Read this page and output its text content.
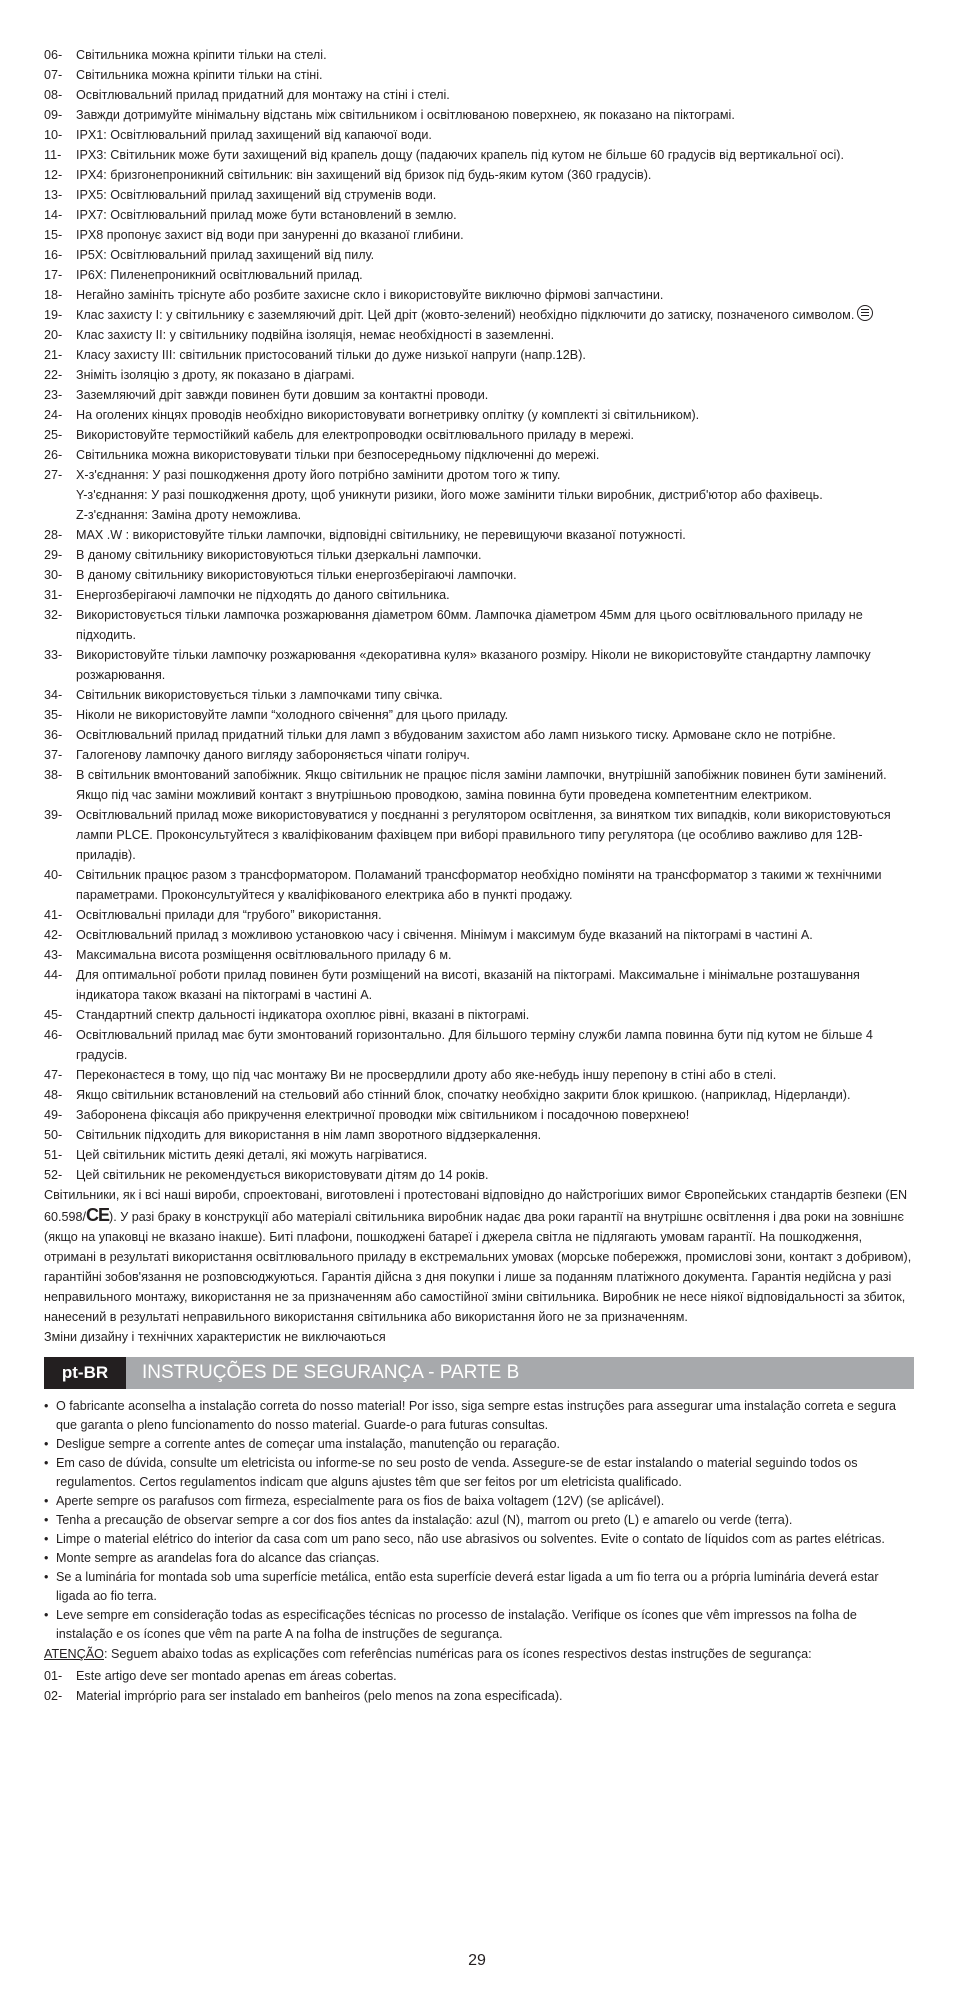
06-	Світильника можна кріпити тільки на стелі.
07-	Світильника можна кріпити тільки на стіні.
08-	Освітлювальний прилад придатний для монтажу на стіні і стелі.
09-	Завжди дотримуйте мінімальну відстань між світильником і освітлюваною поверхнею, як показано на піктограмі.
10-	IPX1: Освітлювальний прилад захищений від капаючої води.
11-	IPX3: Світильник може бути захищений від крапель дощу (падаючих крапель під кутом не більше 60 градусів від вертикальної осі).
12-	IPX4: бризгонепроникний світильник: він захищений від бризок під будь-яким кутом (360 градусів).
13-	IPX5: Освітлювальний прилад захищений від струменів води.
14-	IPX7: Освітлювальний прилад може бути встановлений в землю.
15-	IPX8 пропонує захист від води при зануренні до вказаної глибини.
16-	IP5X: Освітлювальний прилад захищений від пилу.
17-	IP6X: Пиленепроникний освітлювальний прилад.
18-	Негайно замініть тріснуте або розбите захисне скло і використовуйте виключно фірмові запчастини.
19-	Клас захисту I: у світильнику є заземляючий дріт. Цей дріт (жовто-зелений) необхідно підключити до затиску, позначеного символом.
20-	Клас захисту II: у світильнику подвійна ізоляція, немає необхідності в заземленні.
21-	Класу захисту III: світильник пристосований тільки до дуже низької напруги (напр.12В).
22-	Зніміть ізоляцію з дроту, як показано в діаграмі.
23-	Заземляючий дріт завжди повинен бути довшим за контактні проводи.
24-	На оголених кінцях проводів необхідно використовувати вогнетривку оплітку (у комплекті зі світильником).
25-	Використовуйте термостійкий кабель для електропроводки освітлювального приладу в мережі.
26-	Світильника можна використовувати тільки при безпосередньому підключенні до мережі.
27-	X-з'єднання: У разі пошкодження дроту його потрібно замінити дротом того ж типу.
Y-з'єднання: У разі пошкодження дроту, щоб уникнути ризики, його може замінити тільки виробник, дистриб'ютор або фахівець.
Z-з'єднання: Заміна дроту неможлива.
28-	MAX .W : використовуйте тільки лампочки, відповідні світильнику, не перевищуючи вказаної потужності.
29-	В даному світильнику використовуються тільки дзеркальні лампочки.
30-	В даному світильнику використовуються тільки енергозберігаючі лампочки.
31-	Енергозберігаючі лампочки не підходять до даного світильника.
32-	Використовується тільки лампочка розжарювання діаметром 60мм. Лампочка діаметром 45мм для цього освітлювального приладу не підходить.
33-	Використовуйте тільки лампочку розжарювання «декоративна куля» вказаного розміру. Ніколи не використовуйте стандартну лампочку розжарювання.
34-	Світильник використовується тільки з лампочками типу свічка.
35-	Ніколи не використовуйте лампи “холодного свічення” для цього приладу.
36-	Освітлювальний прилад придатний тільки для ламп з вбудованим захистом або ламп низького тиску. Армоване скло не потрібне.
37-	Галогенову лампочку даного вигляду забороняється чіпати голіруч.
38-	В світильник вмонтований запобіжник. Якщо світильник не працює після заміни лампочки, внутрішній запобіжник повинен бути замінений. Якщо під час заміни можливий контакт з внутрішньою проводкою, заміна повинна бути проведена компетентним електриком.
39-	Освітлювальний прилад може використовуватися у поєднанні з регулятором освітлення, за винятком тих випадків, коли використовуються лампи PLCE. Проконсультуйтеся з кваліфікованим фахівцем при виборі правильного типу регулятора (це особливо важливо для 12В-приладів).
40-	Світильник працює разом з трансформатором. Поламаний трансформатор необхідно поміняти на трансформатор з такими ж технічними параметрами. Проконсультуйтеся у кваліфікованого електрика або в пункті продажу.
41-	Освітлювальні прилади для “грубого” використання.
42-	Освітлювальний прилад з можливою установкою часу і свічення. Мінімум і максимум буде вказаний на піктограмі в частині A.
43-	Максимальна висота розміщення освітлювального приладу 6 м.
44-	Для оптимальної роботи прилад повинен бути розміщений на висоті, вказаній на піктограмі. Максимальне і мінімальне розташування індикатора також вказані на піктограмі в частині A.
45-	Стандартний спектр дальності індикатора охоплює рівні, вказані в піктограмі.
46-	Освітлювальний прилад має бути змонтований горизонтально. Для більшого терміну служби лампа повинна бути під кутом не більше 4 градусів.
47-	Переконаєтеся в тому, що під час монтажу Ви не просвердлили дроту або яке-небудь іншу перепону в стіні або в стелі.
48-	Якщо світильник встановлений на стельовий або стінний блок, спочатку необхідно закрити блок кришкою. (наприклад, Нідерланди).
49-	Заборонена фіксація або прикручення електричної проводки між світильником і посадочною поверхнею!
50-	Світильник підходить для використання в нім ламп зворотного віддзеркалення.
51-	Цей світильник містить деякі деталі, які можуть нагріватися.
52-	Цей світильник не рекомендується використовувати дітям до 14 років.
Світильники, як і всі наші вироби, спроектовані, виготовлені і протестовані відповідно до найстрогіших вимог Європейських стандартів безпеки (EN 60.598/CE). У разі браку в конструкції або матеріалі світильника виробник надає два роки гарантії на внутрішнє освітлення і два роки на зовнішнє (якщо на упаковці не вказано інакше). Биті плафони, пошкоджені батареї і джерела світла не підлягають умовам гарантії. На пошкодження, отримані в результаті використання освітлювального приладу в екстремальних умовах (морське побережжя, промислові зони, контакт з добривом), гарантійні зобов'язання не розповсюджуються. Гарантія дійсна з дня покупки і лише за поданням платіжного документа. Гарантія недійсна у разі неправильного монтажу, використання не за призначенням або самостійної зміни світильника. Виробник не несе ніякої відповідальності за збиток, нанесений в результаті неправильного використання світильника або використання його не за призначенням.
Зміни дизайну і технічних характеристик не виключаються
pt-BR	INSTRUÇÕES DE SEGURANÇA - PARTE B
• O fabricante aconselha a instalação correta do nosso material! Por isso, siga sempre estas instruções para assegurar uma instalação correta e segura que garanta o pleno funcionamento do nosso material. Guarde-o para futuras consultas.
• Desligue sempre a corrente antes de começar uma instalação, manutenção ou reparação.
• Em caso de dúvida, consulte um eletricista ou informe-se no seu posto de venda. Assegure-se de estar instalando o material seguindo todos os regulamentos. Certos regulamentos indicam que alguns ajustes têm que ser feitos por um eletricista qualificado.
• Aperte sempre os parafusos com firmeza, especialmente para os fios de baixa voltagem (12V) (se aplicável).
• Tenha a precaução de observar sempre a cor dos fios antes da instalação: azul (N), marrom ou preto (L) e amarelo ou verde (terra).
• Limpe o material elétrico do interior da casa com um pano seco, não use abrasivos ou solventes. Evite o contato de líquidos com as partes elétricas.
• Monte sempre as arandelas fora do alcance das crianças.
• Se a luminária for montada sob uma superfície metálica, então esta superfície deverá estar ligada a um fio terra ou a própria luminária deverá estar ligada ao fio terra.
• Leve sempre em consideração todas as especificações técnicas no processo de instalação. Verifique os ícones que vêm impressos na folha de instalação e os ícones que vêm na parte A na folha de instruções de segurança.
ATENÇÃO: Seguem abaixo todas as explicações com referências numéricas para os ícones respectivos destas instruções de segurança:
01-	Este artigo deve ser montado apenas em áreas cobertas.
02-	Material impróprio para ser instalado em banheiros (pelo menos na zona especificada).
29
